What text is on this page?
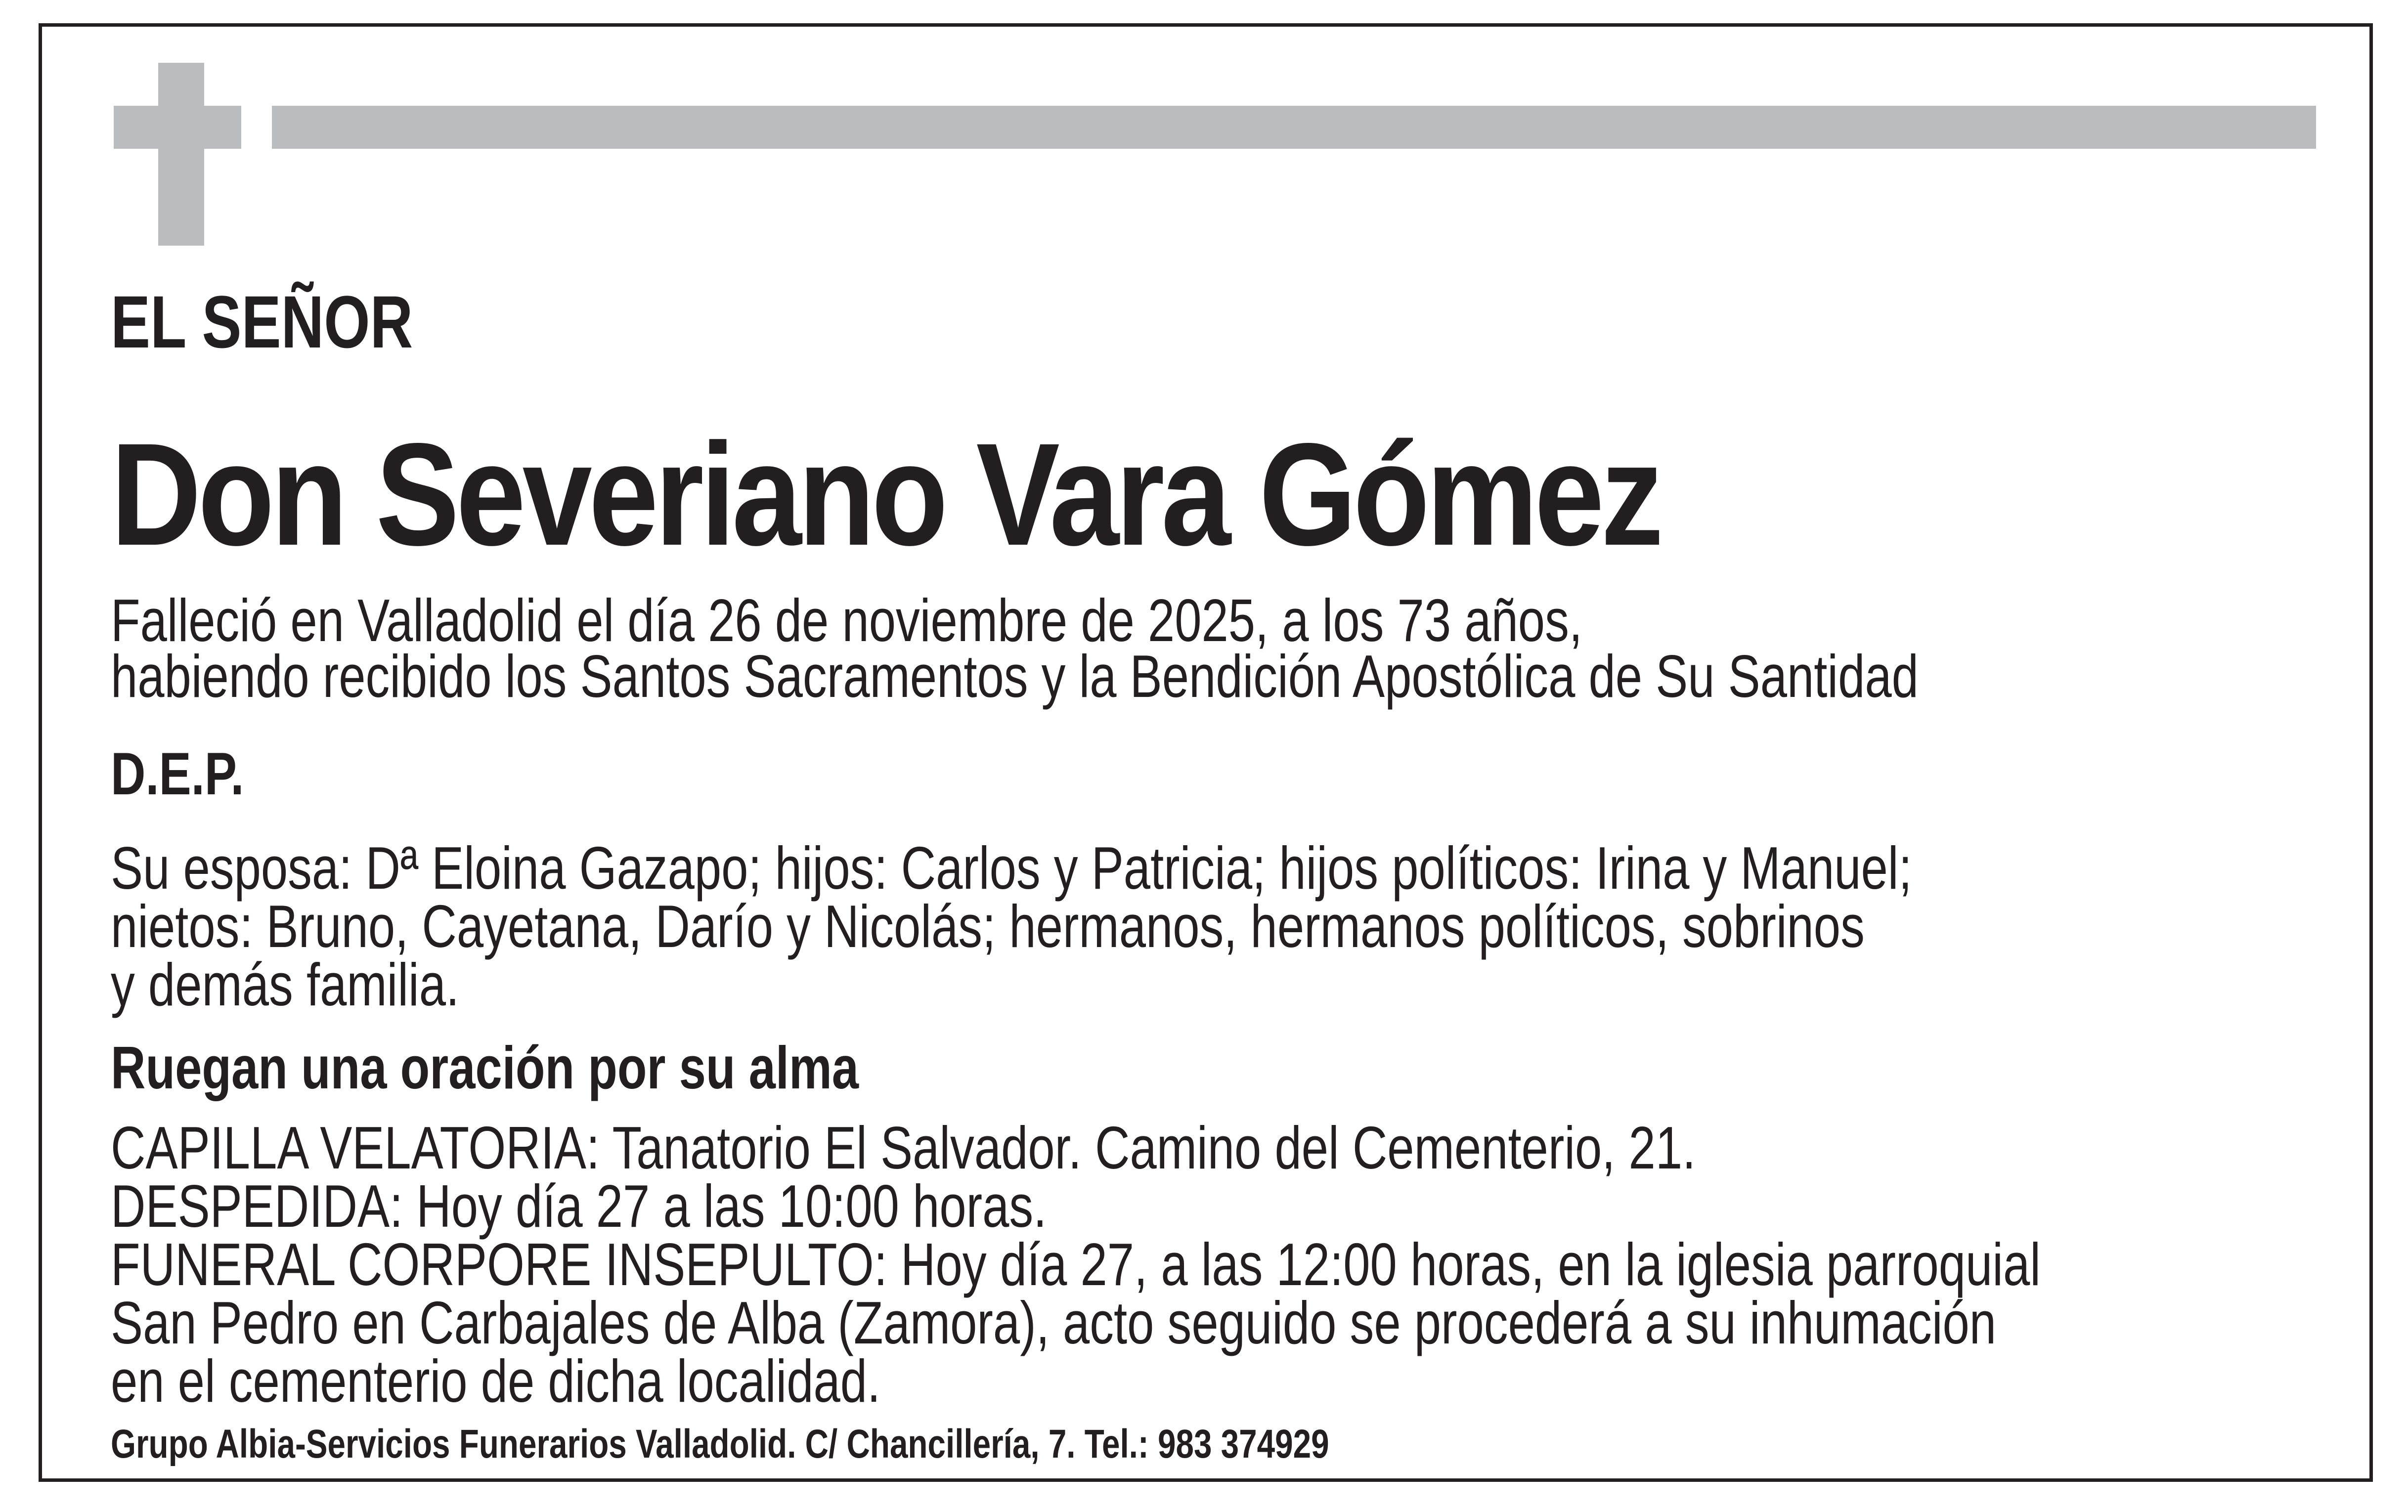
EL SEÑOR
Don Severiano Vara Gómez
Falleció en Valladolid el día 26 de noviembre de 2025, a los 73 años,
habiendo recibido los Santos Sacramentos y la Bendición Apostólica de Su Santidad
D.E.P.
Su esposa: Dª Eloina Gazapo; hijos: Carlos y Patricia; hijos políticos: Irina y Manuel;
nietos: Bruno, Cayetana, Darío y Nicolás; hermanos, hermanos políticos, sobrinos
y demás familia.
Ruegan una oración por su alma
CAPILLA VELATORIA: Tanatorio El Salvador. Camino del Cementerio, 21.
DESPEDIDA: Hoy día 27 a las 10:00 horas.
FUNERAL CORPORE INSEPULTO: Hoy día 27, a las 12:00 horas, en la iglesia parroquial
San Pedro en Carbajales de Alba (Zamora), acto seguido se procederá a su inhumación
en el cementerio de dicha localidad.
Grupo Albia-Servicios Funerarios Valladolid. C/ Chancillería, 7. Tel.: 983 374929
